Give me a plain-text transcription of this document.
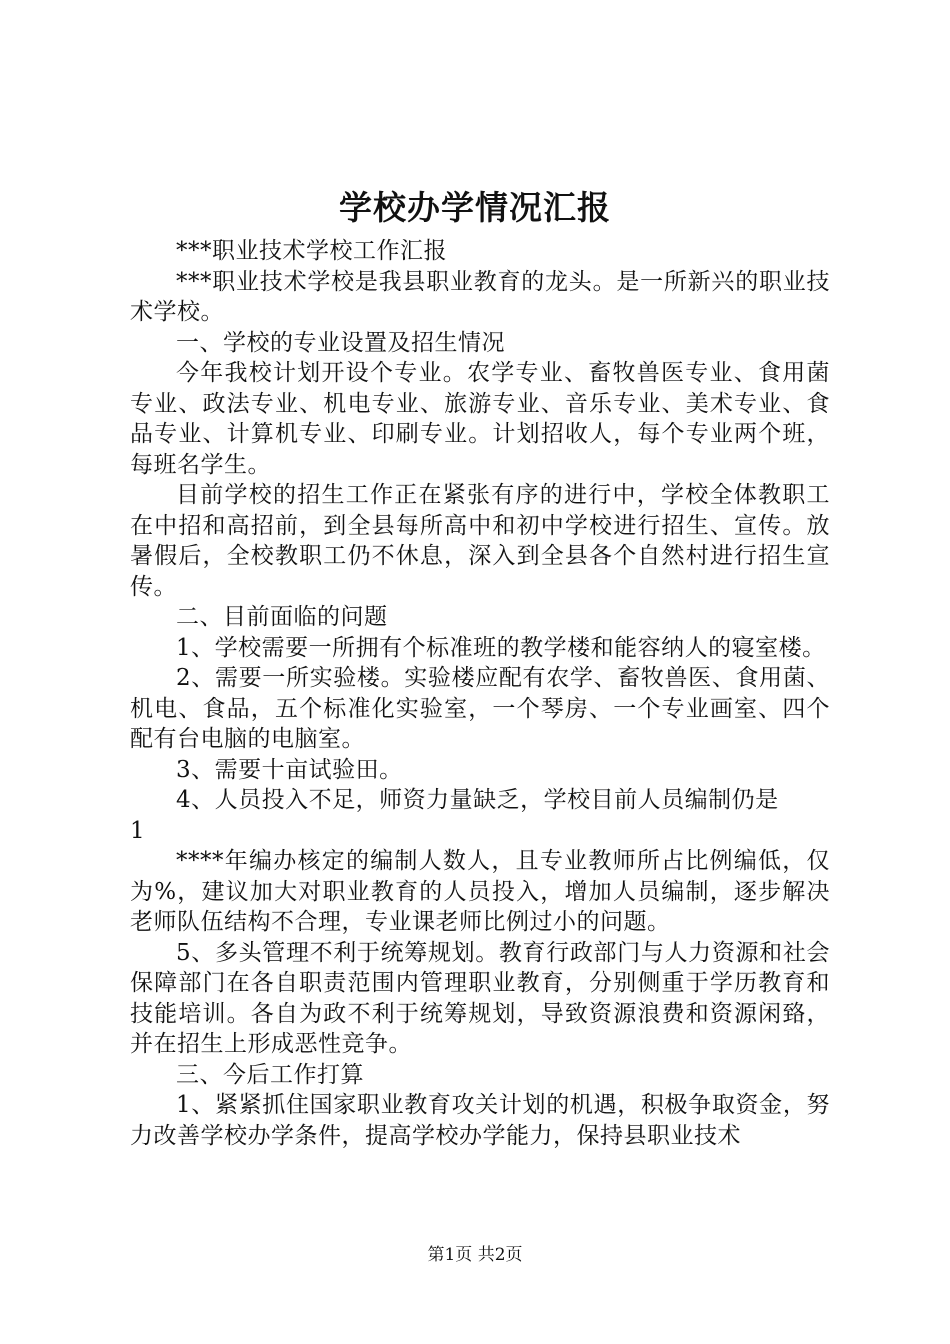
学校办学情况汇报

***职业技术学校工作汇报

***职业技术学校是我县职业教育的龙头。是一所新兴的职业技术学校。

一、学校的专业设置及招生情况

今年我校计划开设个专业。农学专业、畜牧兽医专业、食用菌专业、政法专业、机电专业、旅游专业、音乐专业、美术专业、食品专业、计算机专业、印刷专业。计划招收人，每个专业两个班，每班名学生。

目前学校的招生工作正在紧张有序的进行中，学校全体教职工在中招和高招前，到全县每所高中和初中学校进行招生、宣传。放暑假后，全校教职工仍不休息，深入到全县各个自然村进行招生宣传。

二、目前面临的问题

1、学校需要一所拥有个标准班的教学楼和能容纳人的寝室楼。

2、需要一所实验楼。实验楼应配有农学、畜牧兽医、食用菌、机电、食品，五个标准化实验室，一个琴房、一个专业画室、四个配有台电脑的电脑室。

3、需要十亩试验田。

4、人员投入不足，师资力量缺乏，学校目前人员编制仍是

1

****年编办核定的编制人数人，且专业教师所占比例编低，仅为%，建议加大对职业教育的人员投入，增加人员编制，逐步解决老师队伍结构不合理，专业课老师比例过小的问题。

5、多头管理不利于统筹规划。教育行政部门与人力资源和社会保障部门在各自职责范围内管理职业教育，分别侧重于学历教育和技能培训。各自为政不利于统筹规划，导致资源浪费和资源闲臵，并在招生上形成恶性竞争。

三、今后工作打算

1、紧紧抓住国家职业教育攻关计划的机遇，积极争取资金，努力改善学校办学条件，提高学校办学能力，保持县职业技术

第1页 共2页
